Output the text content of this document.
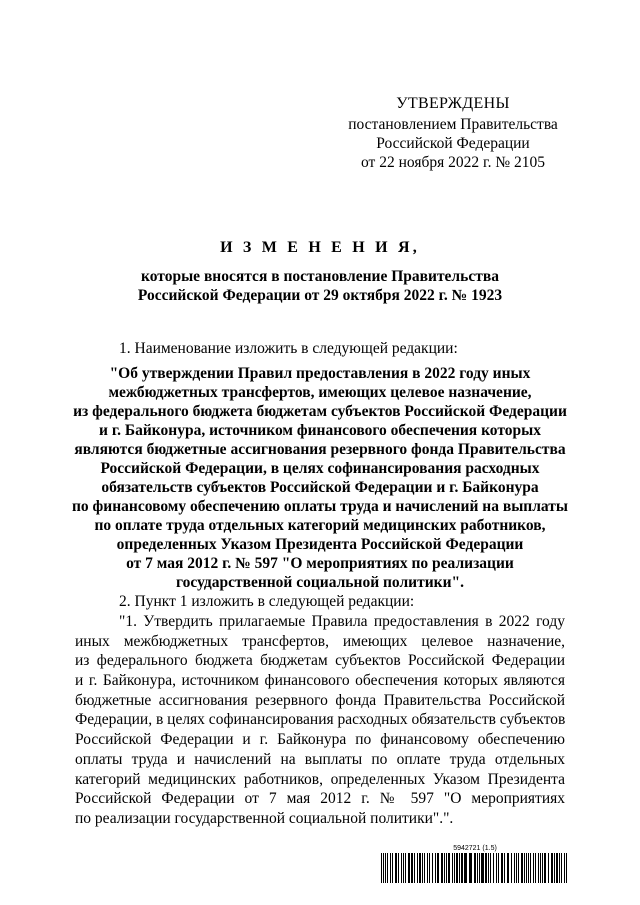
УТВЕРЖДЕНЫ
постановлением Правительства
Российской Федерации
от 22 ноября 2022 г. № 2105
И З М Е Н Е Н И Я,
которые вносятся в постановление Правительства
Российской Федерации от 29 октября 2022 г. № 1923
1. Наименование изложить в следующей редакции:
"Об утверждении Правил предоставления в 2022 году иных
межбюджетных трансфертов, имеющих целевое назначение,
из федерального бюджета бюджетам субъектов Российской Федерации
и г. Байконура, источником финансового обеспечения которых
являются бюджетные ассигнования резервного фонда Правительства
Российской Федерации, в целях софинансирования расходных
обязательств субъектов Российской Федерации и г. Байконура
по финансовому обеспечению оплаты труда и начислений на выплаты
по оплате труда отдельных категорий медицинских работников,
определенных Указом Президента Российской Федерации
от 7 мая 2012 г. № 597 "О мероприятиях по реализации
государственной социальной политики".
2. Пункт 1 изложить в следующей редакции:
"1. Утвердить прилагаемые Правила предоставления в 2022 году
иных межбюджетных трансфертов, имеющих целевое назначение,
из федерального бюджета бюджетам субъектов Российской Федерации
и г. Байконура, источником финансового обеспечения которых являются
бюджетные ассигнования резервного фонда Правительства Российской
Федерации, в целях софинансирования расходных обязательств субъектов
Российской Федерации и г. Байконура по финансовому обеспечению
оплаты труда и начислений на выплаты по оплате труда отдельных
категорий медицинских работников, определенных Указом Президента
Российской Федерации от 7 мая 2012 г. № 597 "О мероприятиях
по реализации государственной социальной политики".".
5942721 (1.5)
